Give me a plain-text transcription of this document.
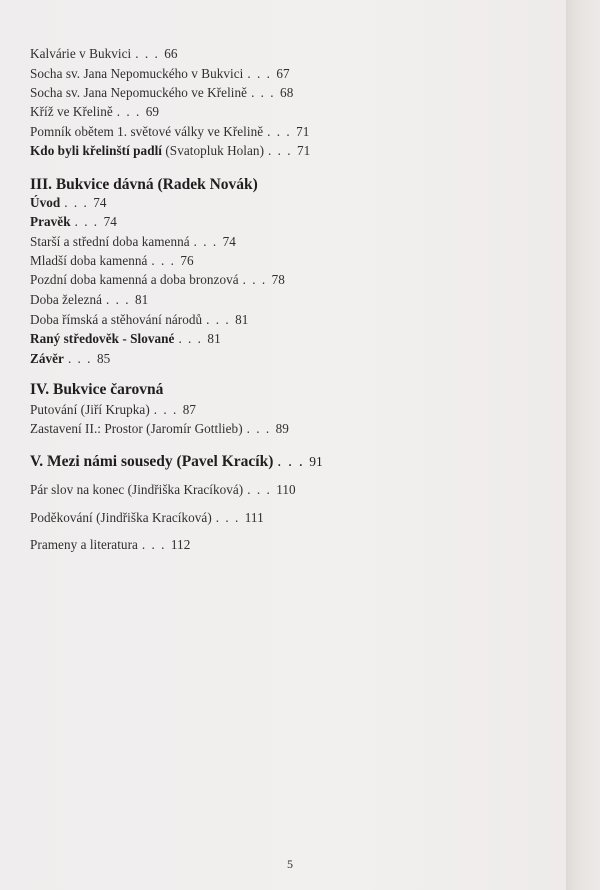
Kalvárie v Bukvici . . . 66
Socha sv. Jana Nepomuckého v Bukvici . . . 67
Socha sv. Jana Nepomuckého ve Křelině . . . 68
Kříž ve Křelině . . . 69
Pomník obětem 1. světové války ve Křelině . . . 71
Kdo byli křelinští padlí (Svatopluk Holan) . . . 71
III. Bukvice dávná (Radek Novák)
Úvod . . . 74
Pravěk . . . 74
Starší a střední doba kamenná . . . 74
Mladší doba kamenná . . . 76
Pozdní doba kamenná a doba bronzová . . . 78
Doba železná . . . 81
Doba římská a stěhování národů . . . 81
Raný středověk - Slované . . . 81
Závěr . . . 85
IV. Bukvice čarovná
Putování (Jiří Krupka) . . . 87
Zastavení II.: Prostor (Jaromír Gottlieb) . . . 89
V. Mezi námi sousedy (Pavel Kracík) . . . 91
Pár slov na konec (Jindřiška Kracíková) . . . 110
Poděkování (Jindřiška Kracíková) . . . 111
Prameny a literatura . . . 112
5
